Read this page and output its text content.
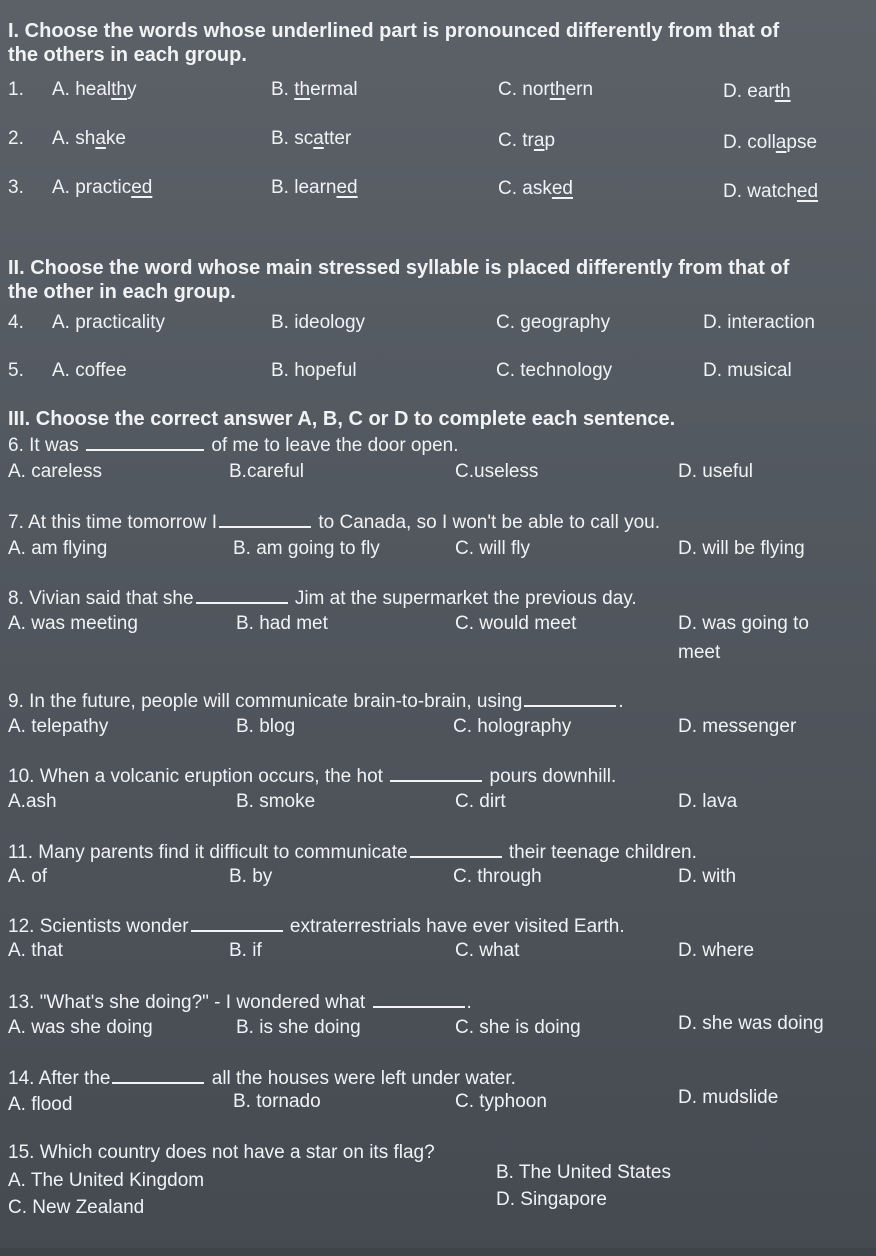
I. Choose the words whose underlined part is pronounced differently from that of
the others in each group.
1. A. healthy	B. thermal	C. northern	D. earth
2. A. shake	B. scatter	C. trap	D. collapse
3. A. practiced	B. learned	C. asked	D. watched
II. Choose the word whose main stressed syllable is placed differently from that of
the other in each group.
4. A. practicality	B. ideology	C. geography	D. interaction
5. A. coffee	B. hopeful	C. technology	D. musical
III. Choose the correct answer A, B, C or D to complete each sentence.
6. It was	of me to leave the door open.
A. careless	B.careful	C.useless	D. useful
7. At this time tomorrow I	to Canada, so I won't be able to call you.
A. am flying	B. am going to fly	C. will fly	D. will be flying
8. Vivian said that she	Jim at the supermarket the previous day.
A. was meeting	B. had met	C. would meet	D. was going to
meet
9. In the future, people will communicate brain-to-brain, using	.
A. telepathy	B. blog	C. holography	D. messenger
10. When a volcanic eruption occurs, the hot	pours downhill.
A.ash	B. smoke	C. dirt	D. lava
11. Many parents find it difficult to communicate	their teenage children.
A. of	B. by	C. through	D. with
12. Scientists wonder	extraterrestrials have ever visited Earth.
A. that	B. if	C. what	D. where
13. "What's she doing?" - I wondered what	.
A. was she doing	B. is she doing	C. she is doing	D. she was doing
14. After the	all the houses were left under water.
A. flood	B. tornado	C. typhoon	D. mudslide
15. Which country does not have a star on its flag?
A. The United Kingdom	B. The United States
C. New Zealand	D. Singapore
